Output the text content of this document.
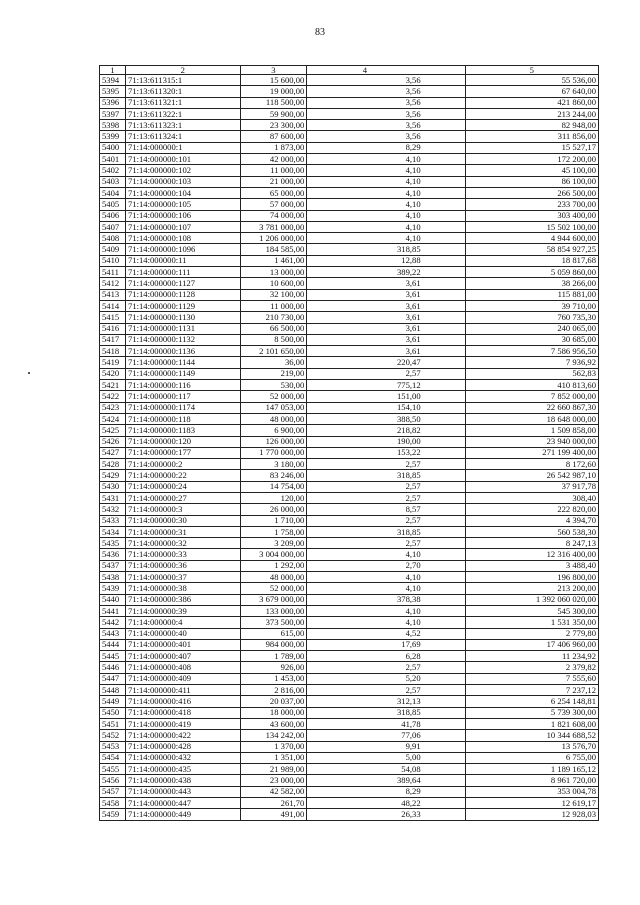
83
1	2	3	4	5
5394	71:13:611315:1	15 600,00	3,56	55 536,00
5395	71:13:611320:1	19 000,00	3,56	67 640,00
5396	71:13:611321:1	118 500,00	3,56	421 860,00
5397	71:13:611322:1	59 900,00	3,56	213 244,00
5398	71:13:611323:1	23 300,00	3,56	82 948,00
5399	71:13:611324:1	87 600,00	3,56	311 856,00
5400	71:14:000000:1	1 873,00	8,29	15 527,17
5401	71:14:000000:101	42 000,00	4,10	172 200,00
5402	71:14:000000:102	11 000,00	4,10	45 100,00
5403	71:14:000000:103	21 000,00	4,10	86 100,00
5404	71:14:000000:104	65 000,00	4,10	266 500,00
5405	71:14:000000:105	57 000,00	4,10	233 700,00
5406	71:14:000000:106	74 000,00	4,10	303 400,00
5407	71:14:000000:107	3 781 000,00	4,10	15 502 100,00
5408	71:14:000000:108	1 206 000,00	4,10	4 944 600,00
5409	71:14:000000:1096	184 585,00	318,85	58 854 927,25
5410	71:14:000000:11	1 461,00	12,88	18 817,68
5411	71:14:000000:111	13 000,00	389,22	5 059 860,00
5412	71:14:000000:1127	10 600,00	3,61	38 266,00
5413	71:14:000000:1128	32 100,00	3,61	115 881,00
5414	71:14:000000:1129	11 000,00	3,61	39 710,00
5415	71:14:000000:1130	210 730,00	3,61	760 735,30
5416	71:14:000000:1131	66 500,00	3,61	240 065,00
5417	71:14:000000:1132	8 500,00	3,61	30 685,00
5418	71:14:000000:1136	2 101 650,00	3,61	7 586 956,50
5419	71:14:000000:1144	36,00	220,47	7 936,92
5420	71:14:000000:1149	219,00	2,57	562,83
5421	71:14:000000:116	530,00	775,12	410 813,60
5422	71:14:000000:117	52 000,00	151,00	7 852 000,00
5423	71:14:000000:1174	147 053,00	154,10	22 660 867,30
5424	71:14:000000:118	48 000,00	388,50	18 648 000,00
5425	71:14:000000:1183	6 900,00	218,82	1 509 858,00
5426	71:14:000000:120	126 000,00	190,00	23 940 000,00
5427	71:14:000000:177	1 770 000,00	153,22	271 199 400,00
5428	71:14:000000:2	3 180,00	2,57	8 172,60
5429	71:14:000000:22	83 246,00	318,85	26 542 987,10
5430	71:14:000000:24	14 754,00	2,57	37 917,78
5431	71:14:000000:27	120,00	2,57	308,40
5432	71:14:000000:3	26 000,00	8,57	222 820,00
5433	71:14:000000:30	1 710,00	2,57	4 394,70
5434	71:14:000000:31	1 758,00	318,85	560 538,30
5435	71:14:000000:32	3 209,00	2,57	8 247,13
5436	71:14:000000:33	3 004 000,00	4,10	12 316 400,00
5437	71:14:000000:36	1 292,00	2,70	3 488,40
5438	71:14:000000:37	48 000,00	4,10	196 800,00
5439	71:14:000000:38	52 000,00	4,10	213 200,00
5440	71:14:000000:386	3 679 000,00	378,38	1 392 060 020,00
5441	71:14:000000:39	133 000,00	4,10	545 300,00
5442	71:14:000000:4	373 500,00	4,10	1 531 350,00
5443	71:14:000000:40	615,00	4,52	2 779,80
5444	71:14:000000:401	984 000,00	17,69	17 406 960,00
5445	71:14:000000:407	1 789,00	6,28	11 234,92
5446	71:14:000000:408	926,00	2,57	2 379,82
5447	71:14:000000:409	1 453,00	5,20	7 555,60
5448	71:14:000000:411	2 816,00	2,57	7 237,12
5449	71:14:000000:416	20 037,00	312,13	6 254 148,81
5450	71:14:000000:418	18 000,00	318,85	5 739 300,00
5451	71:14:000000:419	43 600,00	41,78	1 821 608,00
5452	71:14:000000:422	134 242,00	77,06	10 344 688,52
5453	71:14:000000:428	1 370,00	9,91	13 576,70
5454	71:14:000000:432	1 351,00	5,00	6 755,00
5455	71:14:000000:435	21 989,00	54,08	1 189 165,12
5456	71:14:000000:438	23 000,00	389,64	8 961 720,00
5457	71:14:000000:443	42 582,00	8,29	353 004,78
5458	71:14:000000:447	261,70	48,22	12 619,17
5459	71:14:000000:449	491,00	26,33	12 928,03
